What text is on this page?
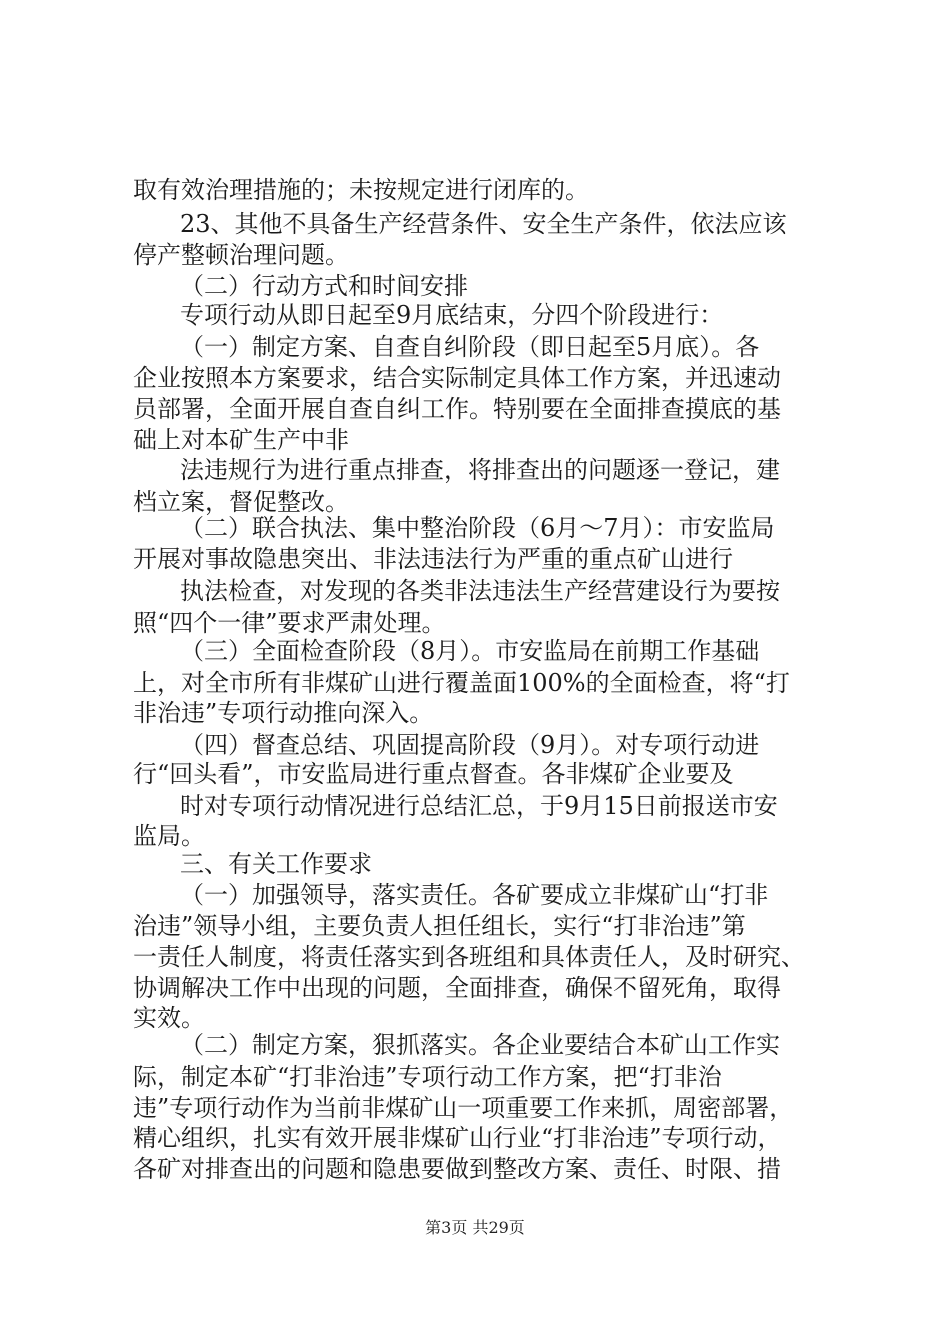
取有效治理措施的；未按规定进行闭库的。
23、其他不具备生产经营条件、安全生产条件，依法应该
停产整顿治理问题。
（二）行动方式和时间安排
专项行动从即日起至9月底结束，分四个阶段进行：
（一）制定方案、自查自纠阶段（即日起至5月底）。各
企业按照本方案要求，结合实际制定具体工作方案，并迅速动
员部署，全面开展自查自纠工作。特别要在全面排查摸底的基
础上对本矿生产中非
法违规行为进行重点排查，将排查出的问题逐一登记，建
档立案，督促整改。
（二）联合执法、集中整治阶段（6月～7月）：市安监局
开展对事故隐患突出、非法违法行为严重的重点矿山进行
执法检查，对发现的各类非法违法生产经营建设行为要按
照“四个一律”要求严肃处理。
（三）全面检查阶段（8月）。市安监局在前期工作基础
上，对全市所有非煤矿山进行覆盖面100%的全面检查，将“打
非治违”专项行动推向深入。
（四）督查总结、巩固提高阶段（9月）。对专项行动进
行“回头看”，市安监局进行重点督查。各非煤矿企业要及
时对专项行动情况进行总结汇总，于9月15日前报送市安
监局。
三、有关工作要求
（一）加强领导，落实责任。各矿要成立非煤矿山“打非
治违”领导小组，主要负责人担任组长，实行“打非治违”第
一责任人制度，将责任落实到各班组和具体责任人，及时研究、
协调解决工作中出现的问题，全面排查，确保不留死角，取得
实效。
（二）制定方案，狠抓落实。各企业要结合本矿山工作实
际，制定本矿“打非治违”专项行动工作方案，把“打非治
违”专项行动作为当前非煤矿山一项重要工作来抓，周密部署，
精心组织，扎实有效开展非煤矿山行业“打非治违”专项行动，
各矿对排查出的问题和隐患要做到整改方案、责任、时限、措
第3页 共29页
